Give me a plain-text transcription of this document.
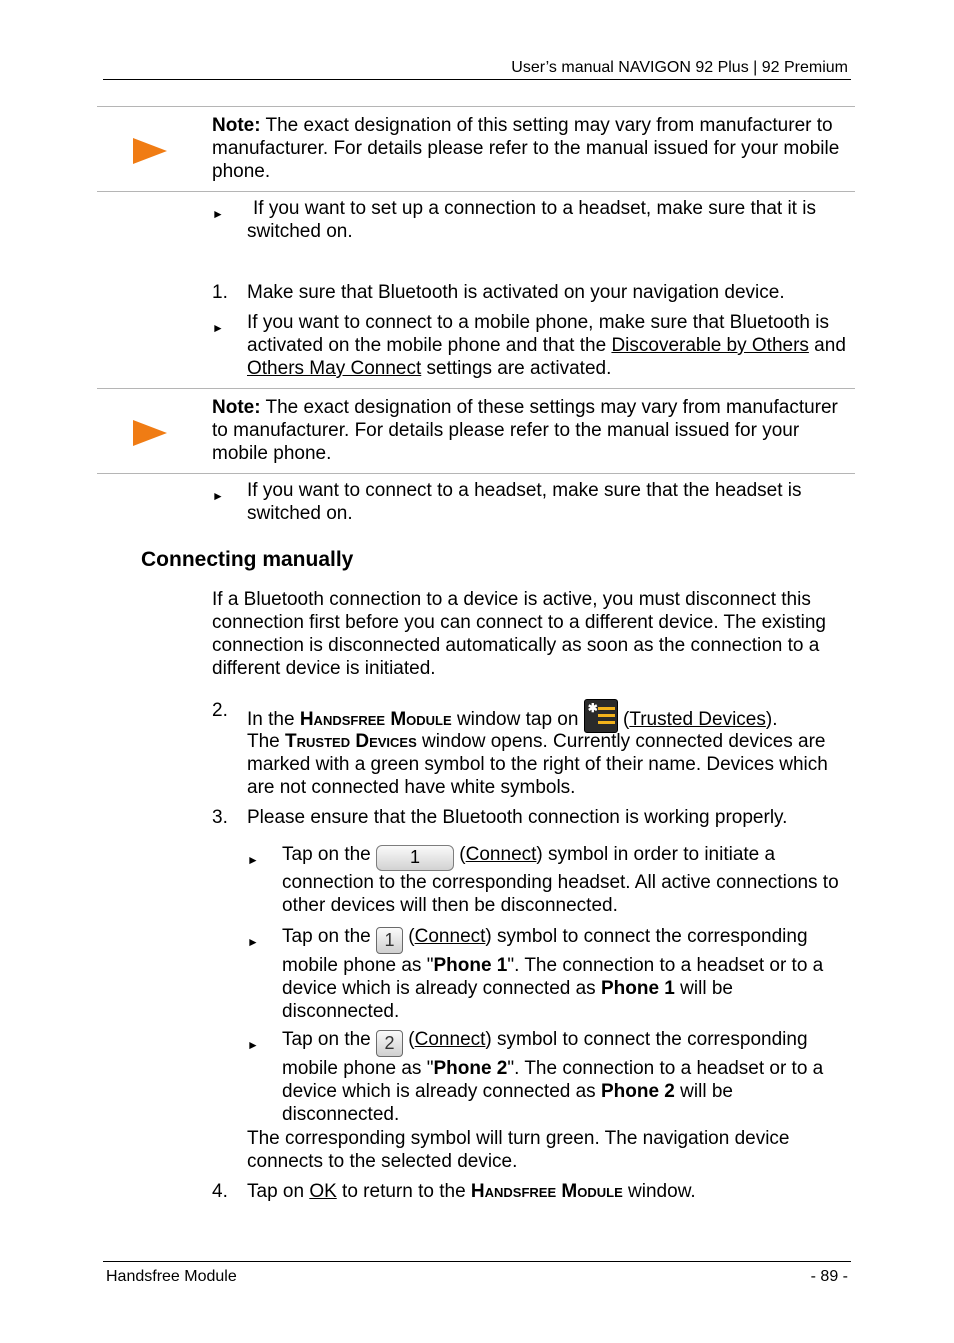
User’s manual NAVIGON 92 Plus | 92 Premium
Note: The exact designation of this setting may vary from manufacturer to manufacturer. For details please refer to the manual issued for your mobile phone.
►	If you want to set up a connection to a headset, make sure that it is switched on.
1. Make sure that Bluetooth is activated on your navigation device.
► If you want to connect to a mobile phone, make sure that Bluetooth is activated on the mobile phone and that the Discoverable by Others and Others May Connect settings are activated.
Note: The exact designation of these settings may vary from manufacturer to manufacturer. For details please refer to the manual issued for your mobile phone.
► If you want to connect to a headset, make sure that the headset is switched on.
Connecting manually
If a Bluetooth connection to a device is active, you must disconnect this connection first before you can connect to a different device. The existing connection is disconnected automatically as soon as the connection to a different device is initiated.
2. In the Handsfree Module window tap on
✱
(Trusted Devices).
The Trusted Devices window opens. Currently connected devices are marked with a green symbol to the right of their name. Devices which are not connected have white symbols.
3. Please ensure that the Bluetooth connection is working properly.
► Tap on the 1 (Connect) symbol in order to initiate a connection to the corresponding headset. All active connections to other devices will then be disconnected.
► Tap on the 1 (Connect) symbol to connect the corresponding mobile phone as "Phone 1". The connection to a headset or to a device which is already connected as Phone 1 will be disconnected.
► Tap on the 2 (Connect) symbol to connect the corresponding mobile phone as "Phone 2". The connection to a headset or to a device which is already connected as Phone 2 will be disconnected.
The corresponding symbol will turn green. The navigation device connects to the selected device.
4. Tap on OK to return to the Handsfree Module window.
Handsfree Module	- 89 -
